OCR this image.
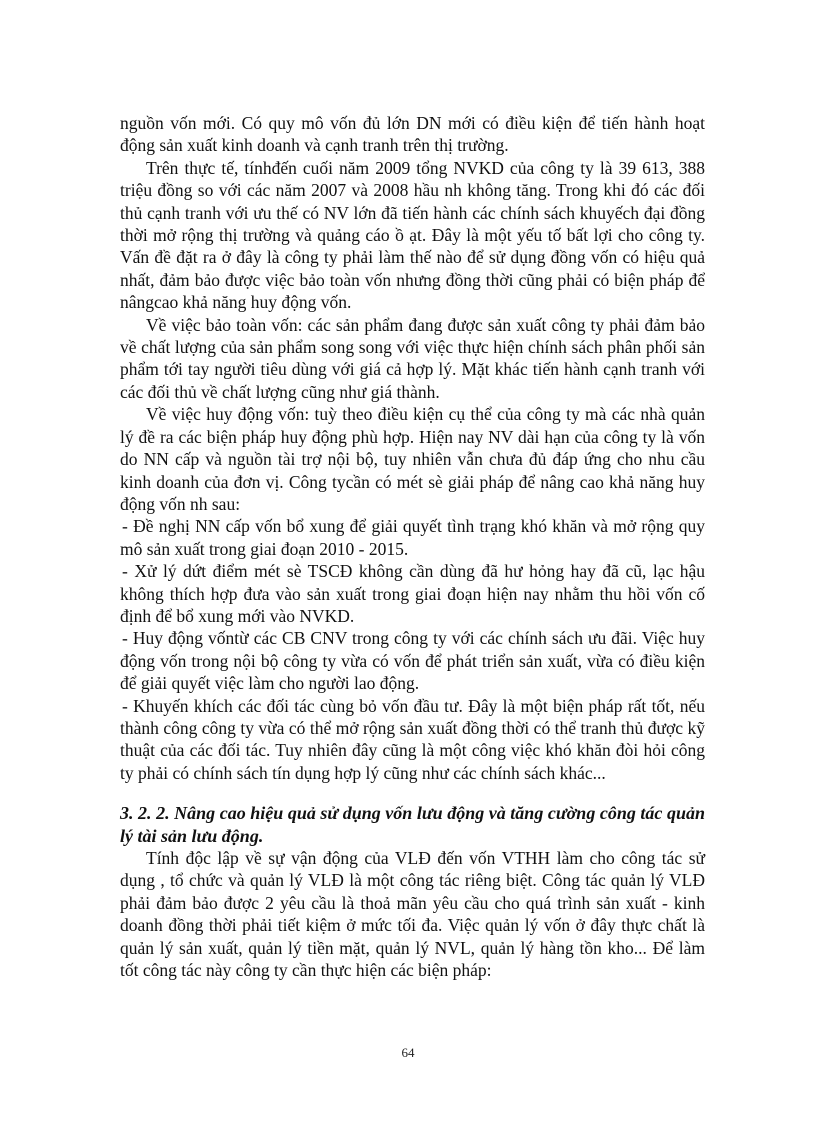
nguồn vốn mới. Có quy mô vốn đủ lớn DN mới có điều kiện để tiến hành hoạt động sản xuất kinh doanh và cạnh tranh trên thị trường.

Trên thực tế, tínhđến cuối năm 2009 tổng NVKD của công ty là 39 613, 388 triệu đồng so với các năm 2007 và 2008 hầu nh không tăng. Trong khi đó các đối thủ cạnh tranh với ưu thế có NV lớn đã tiến hành các chính sách khuyếch đại đồng thời mở rộng thị trường và quảng cáo ồ ạt. Đây là một yếu tố bất lợi cho công ty. Vấn đề đặt ra ở đây là công ty phải làm thế nào để sử dụng đồng vốn có hiệu quả nhất, đảm bảo được việc bảo toàn vốn nhưng đồng thời cũng phải có biện pháp để nângcao khả năng huy động vốn.

Về việc bảo toàn vốn: các sản phẩm đang được sản xuất công ty phải đảm bảo về chất lượng của sản phẩm song song với việc thực hiện chính sách phân phối sản phẩm tới tay người tiêu dùng với giá cả hợp lý. Mặt khác tiến hành cạnh tranh với các đối thủ về chất lượng cũng như giá thành.

Về việc huy động vốn: tuỳ theo điều kiện cụ thể của công ty mà các nhà quản lý đề ra các biện pháp huy động phù hợp. Hiện nay NV dài hạn của công ty là vốn do NN cấp và nguồn tài trợ nội bộ, tuy nhiên vẫn chưa đủ đáp ứng cho nhu cầu kinh doanh của đơn vị. Công tycần có mét sè giải pháp để nâng cao khả năng huy động vốn nh sau:

- Đề nghị NN cấp vốn bổ xung để giải quyết tình trạng khó khăn và mở rộng quy mô sản xuất trong giai đoạn 2010 - 2015.

- Xử lý dứt điểm mét sè TSCĐ không cần dùng đã hư hỏng hay đã cũ, lạc hậu không thích hợp đưa vào sản xuất trong giai đoạn hiện nay nhằm thu hồi vốn cố định để bổ xung mới vào NVKD.

- Huy động vốntừ các CB CNV trong công ty với các chính sách ưu đãi. Việc huy động vốn trong nội bộ công ty vừa có vốn để phát triển sản xuất, vừa có điều kiện để giải quyết việc làm cho người lao động.

- Khuyến khích các đối tác cùng bỏ vốn đầu tư. Đây là một biện pháp rất tốt, nếu thành công công ty vừa có thể mở rộng sản xuất đồng thời có thể tranh thủ được kỹ thuật của các đối tác. Tuy nhiên đây cũng là một công việc khó khăn đòi hỏi công ty phải có chính sách tín dụng hợp lý cũng như các chính sách khác...

3. 2. 2. Nâng cao hiệu quả sử dụng vốn lưu động và tăng cường công tác quản lý tài sản lưu động.

Tính độc lập về sự vận động của VLĐ đến vốn VTHH làm cho công tác sử dụng , tổ chức và quản lý VLĐ là một công tác riêng biệt. Công tác quản lý VLĐ phải đảm bảo được 2 yêu cầu là thoả mãn yêu cầu cho quá trình sản xuất - kinh doanh đồng thời phải tiết kiệm ở mức tối đa. Việc quản lý vốn ở đây thực chất là quản lý sản xuất, quản lý tiền mặt, quản lý NVL, quản lý hàng tồn kho... Để làm tốt công tác này công ty cần thực hiện các biện pháp:

64
